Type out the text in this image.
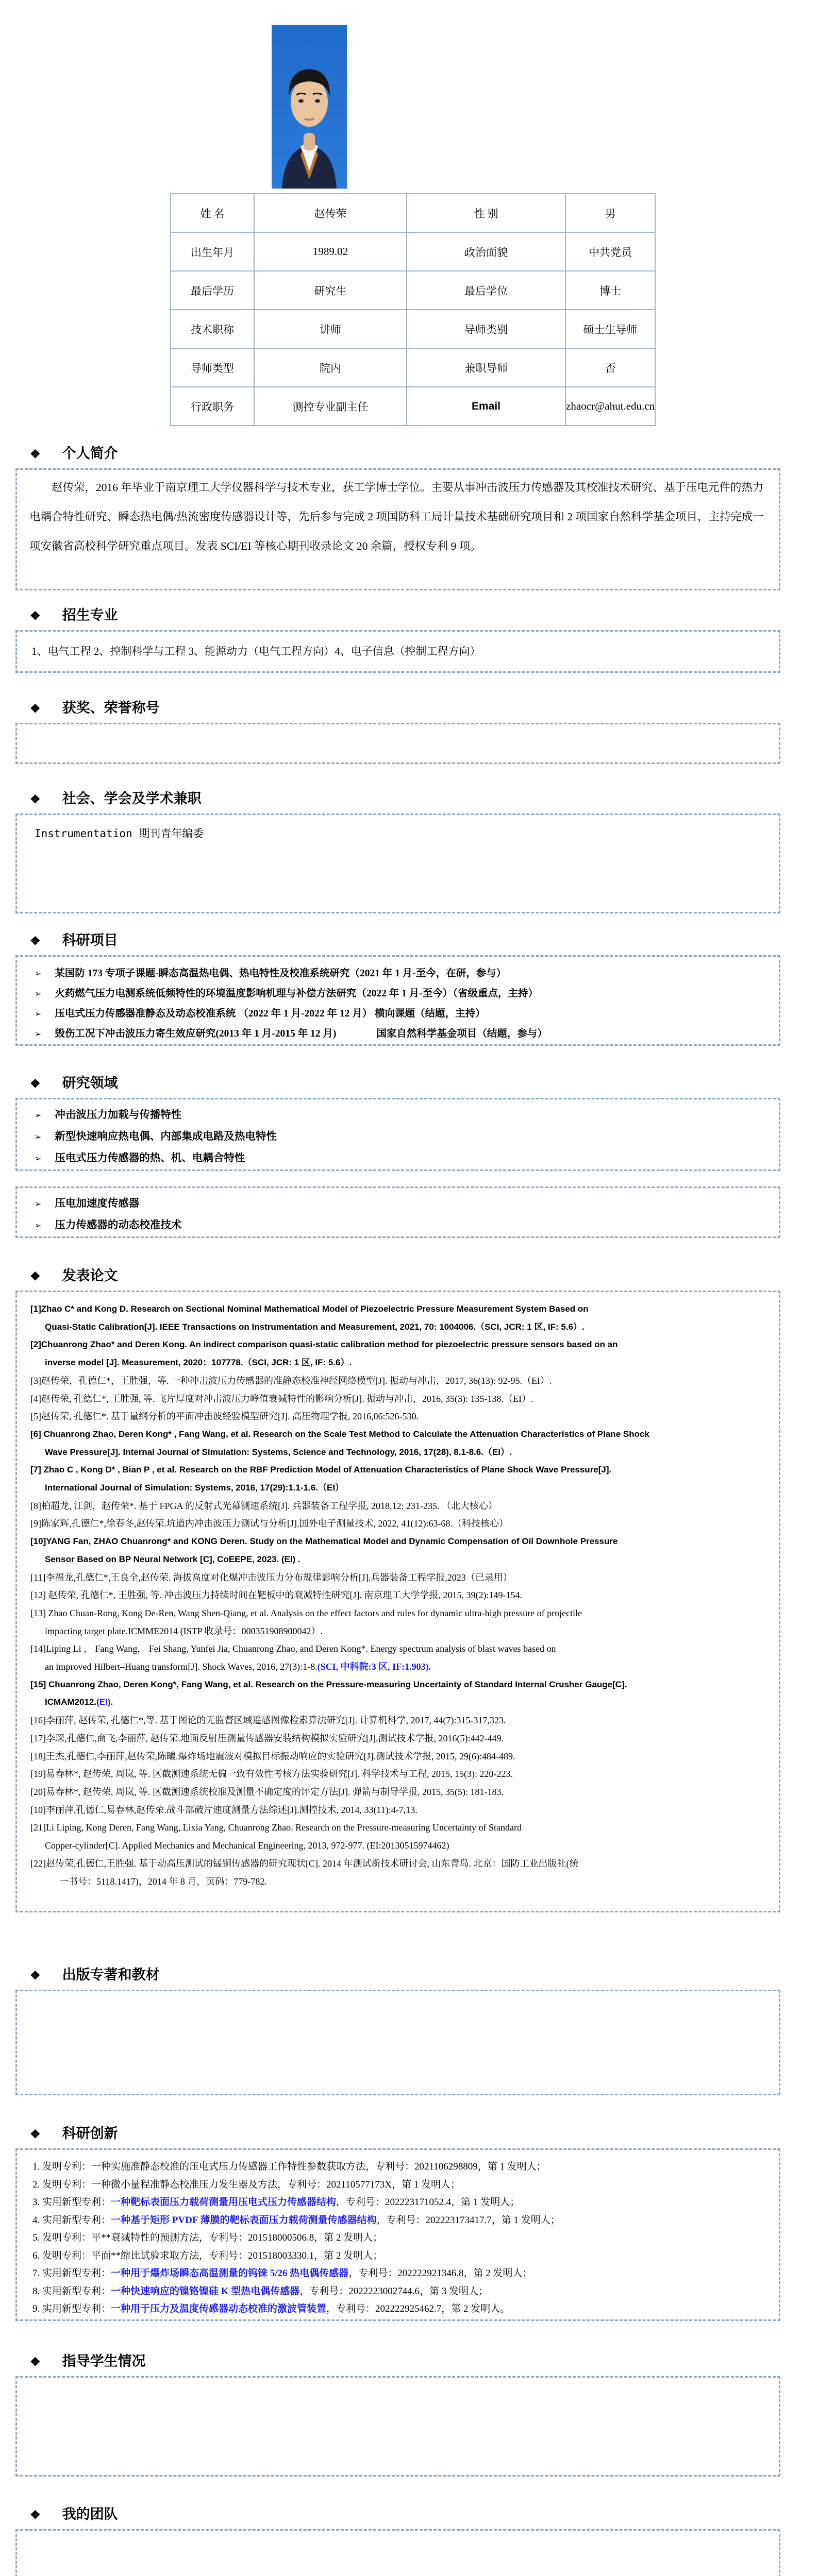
姓 名	赵传荣	性 别	男
出生年月	1989.02	政治面貌	中共党员
最后学历	研究生	最后学位	博士
技术职称	讲师	导师类别	硕士生导师
导师类型	院内	兼职导师	否
行政职务	测控专业副主任	Email	zhaocr@ahut.edu.cn
❖ 个人简介

赵传荣，2016 年毕业于南京理工大学仪器科学与技术专业，获工学博士学位。主要从事冲击波压力传感器及其校准技术研究、基于压电元件的热力电耦合特性研究、瞬态热电偶/热流密度传感器设计等，先后参与完成 2 项国防科工局计量技术基础研究项目和 2 项国家自然科学基金项目，主持完成一项安徽省高校科学研究重点项目。发表 SCI/EI 等核心期刊收录论文 20 余篇，授权专利 9 项。

❖ 招生专业
1、电气工程 2、控制科学与工程 3、能源动力（电气工程方向）4、电子信息（控制工程方向）
❖ 获奖、荣誉称号
❖ 社会、学会及学术兼职
Instrumentation 期刊青年编委
❖ 科研项目
➢ 某国防 173 专项子课题-瞬态高温热电偶、热电特性及校准系统研究（2021 年 1 月-至今，在研，参与）
➢ 火药燃气压力电测系统低频特性的环境温度影响机理与补偿方法研究（2022 年 1 月-至今）（省级重点，主持）
➢ 压电式压力传感器准静态及动态校准系统 （2022 年 1 月-2022 年 12 月） 横向课题（结题，主持）
➢ 毁伤工况下冲击波压力寄生效应研究(2013 年 1 月-2015 年 12 月)　　　　国家自然科学基金项目（结题，参与）
❖ 研究领域
➢ 冲击波压力加载与传播特性
➢ 新型快速响应热电偶、内部集成电路及热电特性
➢ 压电式压力传感器的热、机、电耦合特性
➢ 压电加速度传感器
➢ 压力传感器的动态校准技术
❖ 发表论文
[1]Zhao C* and Kong D. Research on Sectional Nominal Mathematical Model of Piezoelectric Pressure Measurement System Based on
Quasi-Static Calibration[J]. IEEE Transactions on Instrumentation and Measurement, 2021, 70: 1004006.（SCI, JCR: 1 区, IF: 5.6）.
[2]Chuanrong Zhao* and Deren Kong. An indirect comparison quasi-static calibration method for piezoelectric pressure sensors based on an
inverse model [J]. Measurement, 2020：107778.（SCI, JCR: 1 区, IF: 5.6）.
[3]赵传荣，孔德仁*，王胜强，等. 一种冲击波压力传感器的准静态校准神经网络模型[J]. 振动与冲击，2017, 36(13): 92-95.（EI）.
[4]赵传荣, 孔德仁*, 王胜强, 等. 飞片厚度对冲击波压力峰值衰减特性的影响分析[J]. 振动与冲击，2016, 35(3): 135-138.（EI）.
[5]赵传荣, 孔德仁*. 基于量纲分析的平面冲击波经验模型研究[J]. 高压物理学报, 2016,06:526-530.
[6] Chuanrong Zhao, Deren Kong* , Fang Wang, et al. Research on the Scale Test Method to Calculate the Attenuation Characteristics of Plane Shock
Wave Pressure[J]. Internal Journal of Simulation: Systems, Science and Technology, 2016, 17(28), 8.1-8.6.（EI）.
[7] Zhao C , Kong D* , Bian P , et al. Research on the RBF Prediction Model of Attenuation Characteristics of Plane Shock Wave Pressure[J].
International Journal of Simulation: Systems, 2016, 17(29):1.1-1.6.（EI）
[8]柏超龙, 江剑，赵传荣*. 基于 FPGA 的反射式光幕测速系统[J]. 兵器装备工程学报, 2018,12: 231-235. （北大核心）
[9]陈家辉,孔德仁*,徐春冬,赵传荣.坑道内冲击波压力测试与分析[J].国外电子测量技术, 2022, 41(12):63-68.（科技核心）
[10]YANG Fan, ZHAO Chuanrong* and KONG Deren. Study on the Mathematical Model and Dynamic Compensation of Oil Downhole Pressure
Sensor Based on BP Neural Network [C], CoEEPE, 2023. (EI) .
[11]李福龙,孔德仁*,王良全,赵传荣. 海拔高度对化爆冲击波压力分布规律影响分析[J].兵器装备工程学报,2023（已录用）
[12] 赵传荣, 孔德仁*, 王胜强, 等. 冲击波压力持续时间在靶板中的衰减特性研究[J]. 南京理工大学学报, 2015, 39(2):149-154.
[13] Zhao Chuan-Rong, Kong De-Ren, Wang Shen-Qiang, et al. Analysis on the effect factors and rules for dynamic ultra-high pressure of projectile
impacting target plate.ICMME2014 (ISTP 收录号：000351908900042）.
[14]Liping Li ， Fang Wang， Fei Shang, Yunfei Jia, Chuanrong Zhao, and Deren Kong*. Energy spectrum analysis of blast waves based on
an improved Hilbert–Huang transform[J]. Shock Waves, 2016, 27(3):1-8.(SCI, 中科院:3 区, IF:1.903).
[15] Chuanrong Zhao, Deren Kong*, Fang Wang, et al. Research on the Pressure-measuring Uncertainty of Standard Internal Crusher Gauge[C].
ICMAM2012.(EI).
[16]李丽萍, 赵传荣, 孔德仁*,等. 基于图论的无监督区域遥感图像检索算法研究[J]. 计算机科学, 2017, 44(7):315-317,323.
[17]李琛,孔德仁,商飞,李丽萍, 赵传荣.地面反射压测量传感器安装结构模拟实验研究[J].测试技术学报, 2016(5):442-449.
[18]王杰,孔德仁,李丽萍,赵传荣,陈曦.爆炸场地震波对模拟目标振动响应的实验研究[J].测试技术学报, 2015, 29(6):484-489.
[19]易春林*, 赵传荣, 周岚, 等. 区截测速系统无偏一致有效性考核方法实验研究[J]. 科学技术与工程, 2015, 15(3): 220-223.
[20]易春林*, 赵传荣, 周岚, 等. 区截测速系统校准及测量不确定度的评定方法[J]. 弹箭与制导学报, 2015, 35(5): 181-183.
[10]李丽萍,孔德仁,易春林,赵传荣.战斗部破片速度测量方法综述[J].测控技术, 2014, 33(11):4-7,13.
[21]Li Liping, Kong Deren, Fang Wang, Lixia Yang, Chuanrong Zhao. Research on the Pressure-measuring Uncertainty of Standard
Copper-cylinder[C]. Applied Mechanics and Mechanical Engineering, 2013, 972-977. (EI:20130515974462)
[22]赵传荣,孔德仁,王胜强. 基于动高压测试的锰铜传感器的研究现状[C]. 2014 年测试新技术研讨会, 山东青岛. 北京：国防工业出版社(统
一书号：5118.1417)，2014 年 8 月，页码：779-782.
❖ 出版专著和教材
❖ 科研创新
1. 发明专利：一种实施准静态校准的压电式压力传感器工作特性参数获取方法，专利号：2021106298809，第 1 发明人；
2. 发明专利：一种微小量程准静态校准压力发生器及方法，专利号：202110577173X，第 1 发明人；
3. 实用新型专利：一种靶标表面压力载荷测量用压电式压力传感器结构，专利号：202223171052.4，第 1 发明人；
4. 实用新型专利：一种基于矩形 PVDF 薄膜的靶标表面压力载荷测量传感器结构，专利号：202223173417.7，第 1 发明人；
5. 发明专利：平**衰减特性的预测方法，专利号：201518000506.8，第 2 发明人；
6. 发明专利：平面**缩比试验求取方法，专利号：201518003330.1，第 2 发明人；
7. 实用新型专利：一种用于爆炸场瞬态高温测量的钨铼 5/26 热电偶传感器，专利号：202222921346.8，第 2 发明人；
8. 实用新型专利：一种快速响应的镍铬镍硅 K 型热电偶传感器，专利号：2022223002744.6，第 3 发明人；
9. 实用新型专利：一种用于压力及温度传感器动态校准的激波管装置，专利号：202222925462.7，第 2 发明人。
❖ 指导学生情况
❖ 我的团队
